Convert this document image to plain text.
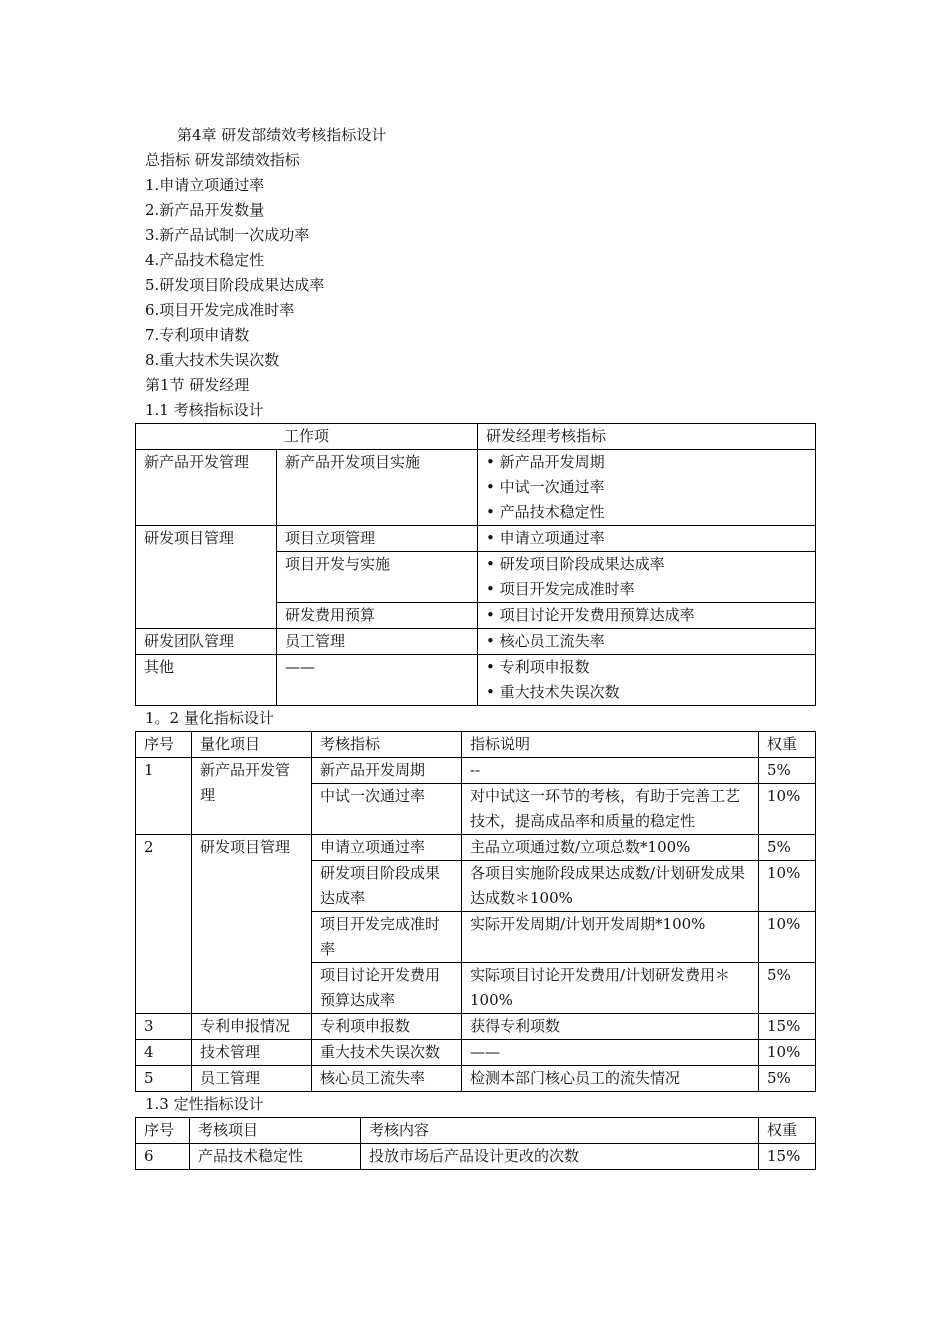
第4章 研发部绩效考核指标设计
总指标 研发部绩效指标
1.申请立项通过率
2.新产品开发数量
3.新产品试制一次成功率
4.产品技术稳定性
5.研发项目阶段成果达成率
6.项目开发完成准时率
7.专利项申请数
8.重大技术失误次数
第1节 研发经理
1.1 考核指标设计
工作项		研发经理考核指标
新产品开发管理	新产品开发项目实施	• 新产品开发周期
• 中试一次通过率
• 产品技术稳定性

研发项目管理	项目立项管理	• 申请立项通过率

	项目开发与实施	• 研发项目阶段成果达成率
• 项目开发完成准时率

	研发费用预算	• 项目讨论开发费用预算达成率

研发团队管理	员工管理	• 核心员工流失率

其他	——	• 专利项申报数
• 重大技术失误次数
1。2 量化指标设计
序号	量化项目	考核指标	指标说明	权重
1	新产品开发管理	新产品开发周期	--	5%
		中试一次通过率	对中试这一环节的考核，有助于完善工艺技术，提高成品率和质量的稳定性	10%
2	研发项目管理	申请立项通过率	主品立项通过数/立项总数*100%	5%
		研发项目阶段成果达成率	各项目实施阶段成果达成数/计划研发成果达成数＊100%	10%
		项目开发完成准时率	实际开发周期/计划开发周期*100%	10%
		项目讨论开发费用预算达成率	实际项目讨论开发费用/计划研发费用＊100%	5%
3	专利申报情况	专利项申报数	获得专利项数	15%
4	技术管理	重大技术失误次数	——	10%
5	员工管理	核心员工流失率	检测本部门核心员工的流失情况	5%
1.3 定性指标设计
序号	考核项目	考核内容	权重
6	产品技术稳定性	投放市场后产品设计更改的次数	15%
